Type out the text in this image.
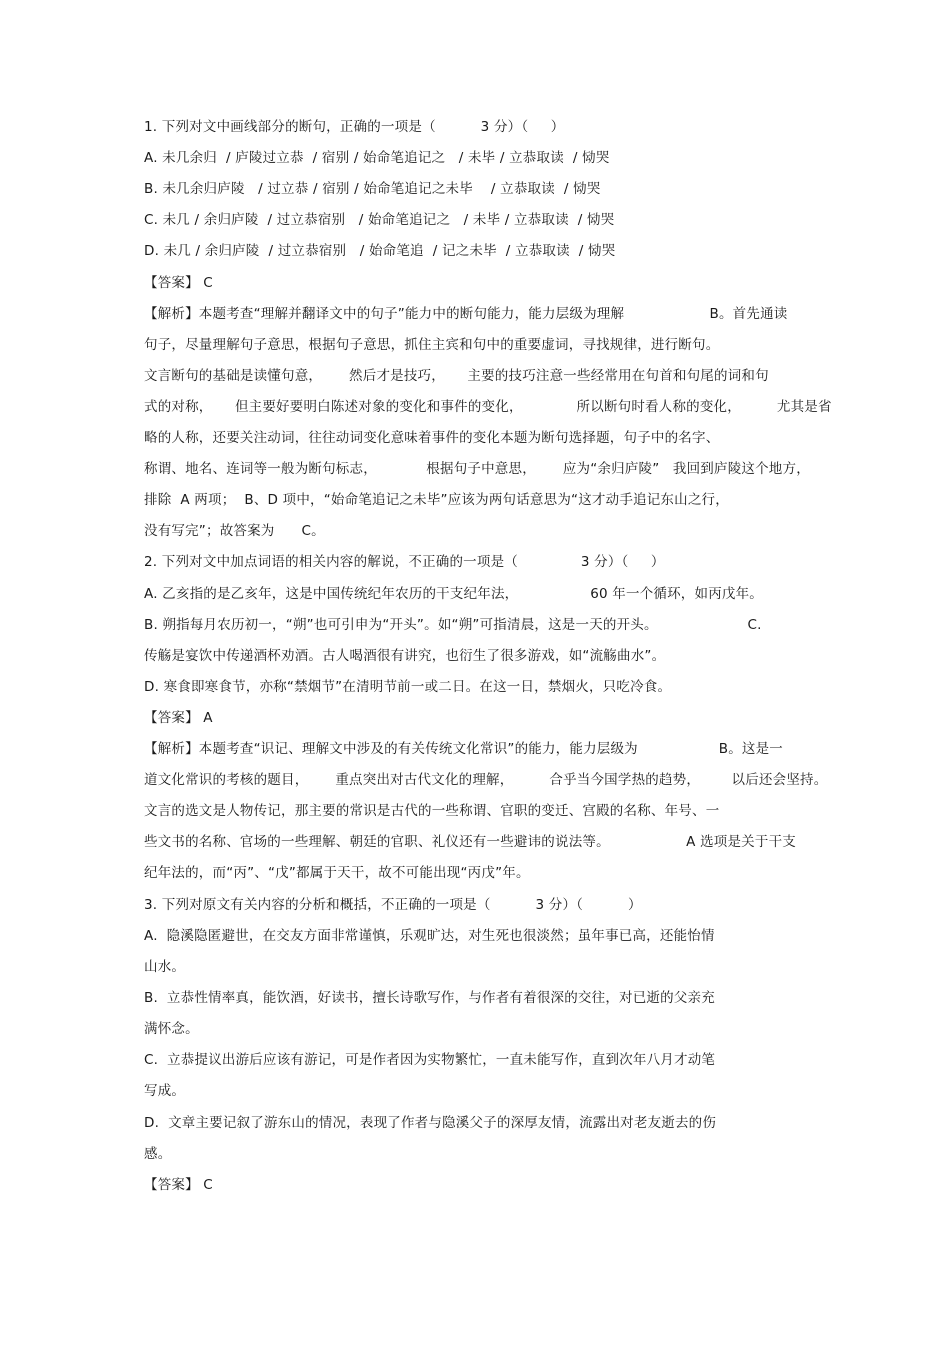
1. 下列对文中画线部分的断句，正确的一项是（          3 分）（     ）
A. 未几余归  / 庐陵过立恭  / 宿别 / 始命笔追记之   / 未毕 / 立恭取读  / 恸哭
B. 未几余归庐陵   / 过立恭 / 宿别 / 始命笔追记之未毕    / 立恭取读  / 恸哭
C. 未几 / 余归庐陵  / 过立恭宿别   / 始命笔追记之   / 未毕 / 立恭取读  / 恸哭
D. 未几 / 余归庐陵  / 过立恭宿别   / 始命笔追  / 记之未毕  / 立恭取读  / 恸哭
【答案】 C
【解析】本题考查“理解并翻译文中的句子”能力中的断句能力，能力层级为理解                   B。首先通读
句子，尽量理解句子意思，根据句子意思，抓住主宾和句中的重要虚词，寻找规律，进行断句。
文言断句的基础是读懂句意，      然后才是技巧，     主要的技巧注意一些经常用在句首和句尾的词和句
式的对称，     但主要好要明白陈述对象的变化和事件的变化，            所以断句时看人称的变化，        尤其是省
略的人称，还要关注动词，往往动词变化意味着事件的变化本题为断句选择题，句子中的名字、
称谓、地名、连词等一般为断句标志，           根据句子中意思，      应为“余归庐陵”   我回到庐陵这个地方，
排除  A 两项；  B、D 项中，“始命笔追记之未毕”应该为两句话意思为“这才动手追记东山之行，
没有写完”；故答案为      C。
2. 下列对文中加点词语的相关内容的解说，不正确的一项是（              3 分）（     ）
A. 乙亥指的是乙亥年，这是中国传统纪年农历的干支纪年法，                60 年一个循环，如丙戊年。
B. 朔指每月农历初一，“朔”也可引申为“开头”。如“朔”可指清晨，这是一天的开头。                    C.
传觞是宴饮中传递酒杯劝酒。古人喝酒很有讲究，也衍生了很多游戏，如“流觞曲水”。
D. 寒食即寒食节，亦称“禁烟节”在清明节前一或二日。在这一日，禁烟火，只吃冷食。
【答案】 A
【解析】本题考查“识记、理解文中涉及的有关传统文化常识”的能力，能力层级为                  B。这是一
道文化常识的考核的题目，      重点突出对古代文化的理解，        合乎当今国学热的趋势，       以后还会坚持。
文言的选文是人物传记，那主要的常识是古代的一些称谓、官职的变迁、宫殿的名称、年号、一
些文书的名称、官场的一些理解、朝廷的官职、礼仪还有一些避讳的说法等。                 A 选项是关于干支
纪年法的，而“丙”、“戊”都属于天干，故不可能出现“丙戊”年。
3. 下列对原文有关内容的分析和概括，不正确的一项是（          3 分）（          ）
A.  隐溪隐匿避世，在交友方面非常谨慎，乐观旷达，对生死也很淡然；虽年事已高，还能怡情
山水。
B.  立恭性情率真，能饮酒，好读书，擅长诗歌写作，与作者有着很深的交往，对已逝的父亲充
满怀念。
C.  立恭提议出游后应该有游记，可是作者因为实物繁忙，一直未能写作，直到次年八月才动笔
写成。
D.  文章主要记叙了游东山的情况，表现了作者与隐溪父子的深厚友情，流露出对老友逝去的伤
感。
【答案】 C
